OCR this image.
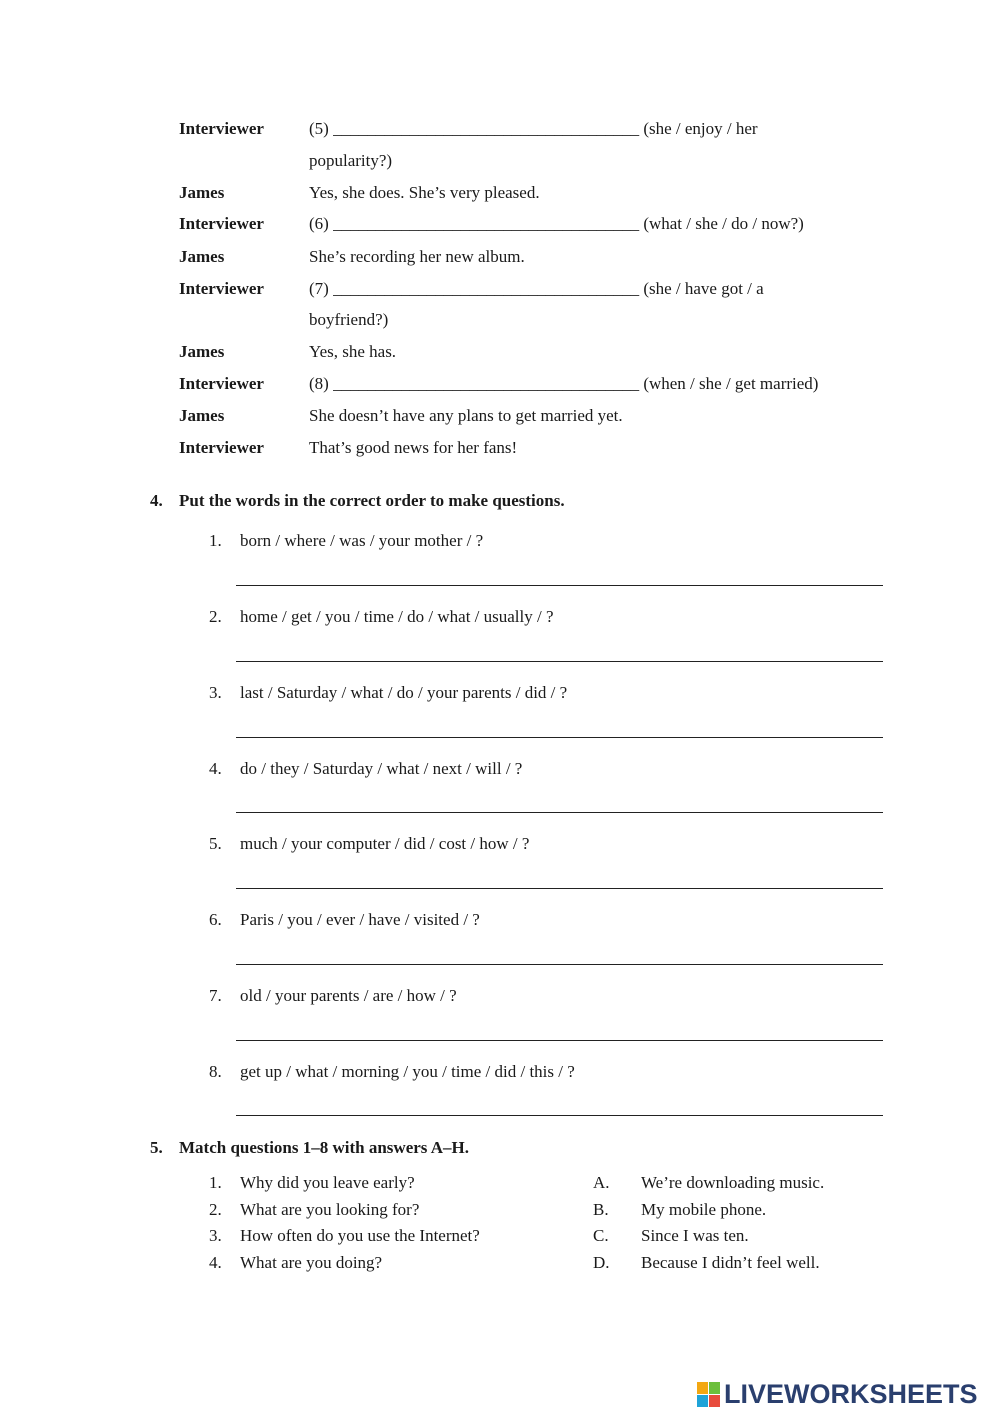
Interviewer	(5) ____________________________________ (she / enjoy / her
popularity?)
James	Yes, she does. She’s very pleased.
Interviewer	(6) ____________________________________ (what / she / do / now?)
James	She’s recording her new album.
Interviewer	(7) ____________________________________ (she / have got / a
boyfriend?)
James	Yes, she has.
Interviewer	(8) ____________________________________ (when / she / get married)
James	She doesn’t have any plans to get married yet.
Interviewer	That’s good news for her fans!
4. Put the words in the correct order to make questions.
1. born / where / was / your mother / ?
2. home / get / you / time / do / what / usually / ?
3. last / Saturday / what / do / your parents / did / ?
4. do / they / Saturday / what / next / will / ?
5. much / your computer / did / cost / how / ?
6. Paris / you / ever / have / visited / ?
7. old / your parents / are / how / ?
8. get up / what / morning / you / time / did / this / ?
5. Match questions 1–8 with answers A–H.
1. Why did you leave early?	A. We’re downloading music.
2. What are you looking for?	B. My mobile phone.
3. How often do you use the Internet?	C. Since I was ten.
4. What are you doing?	D. Because I didn’t feel well.
LIVEWORKSHEETS
